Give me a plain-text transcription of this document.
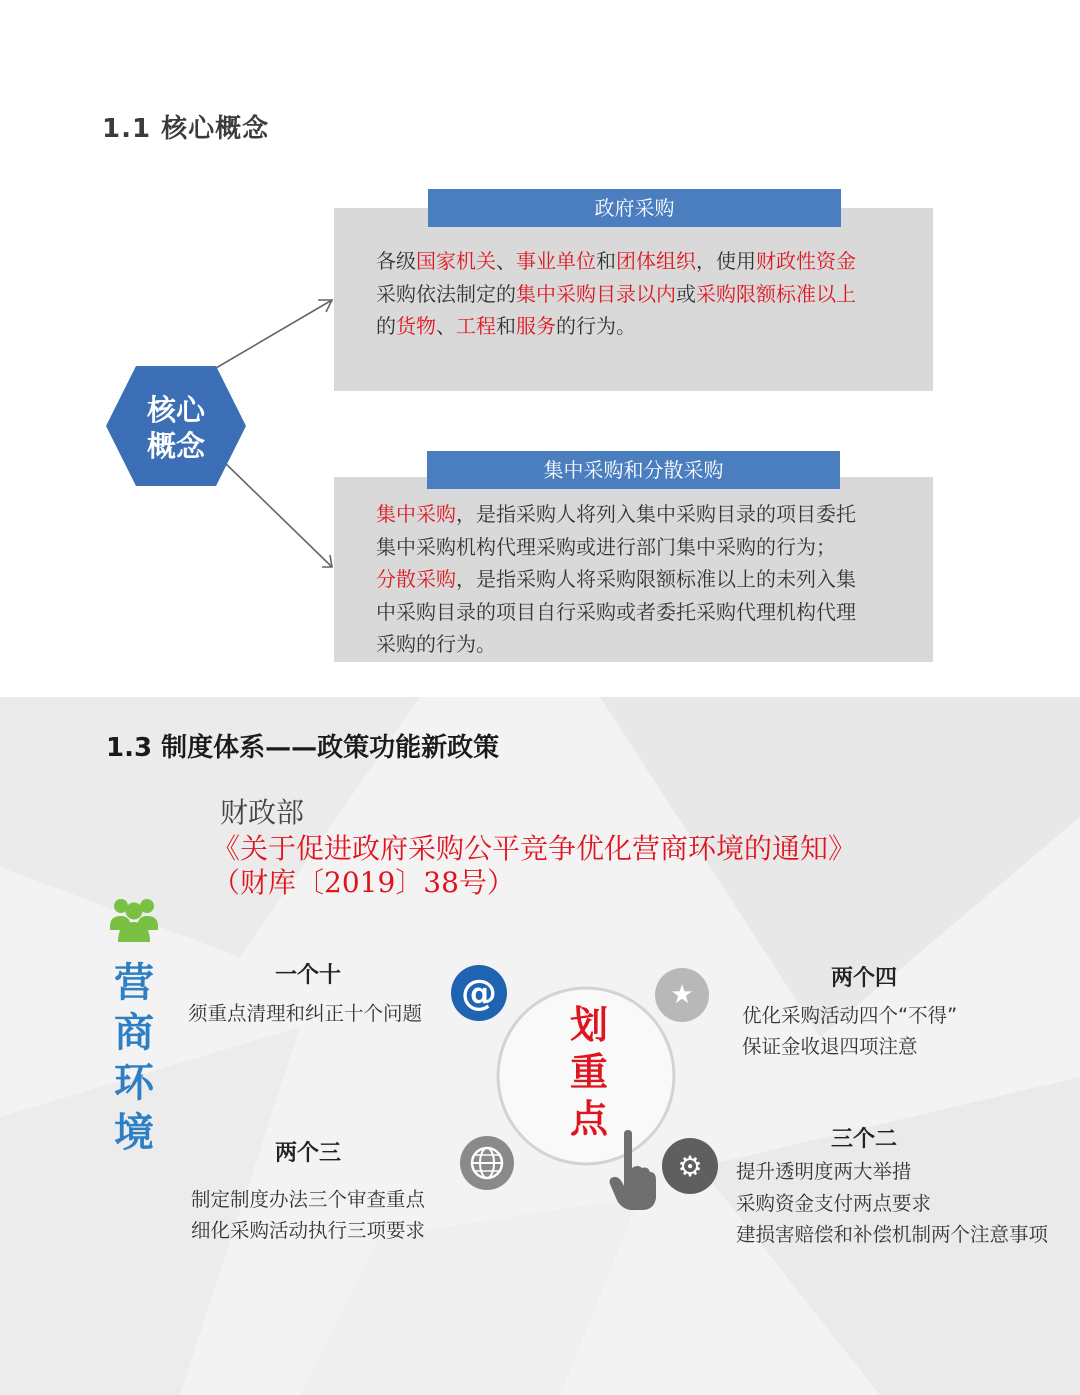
1.1 核心概念
核心
概念
政府采购
各级国家机关、事业单位和团体组织，使用财政性资金
采购依法制定的集中采购目录以内或采购限额标准以上
的货物、工程和服务的行为。
集中采购和分散采购
集中采购，是指采购人将列入集中采购目录的项目委托
集中采购机构代理采购或进行部门集中采购的行为；
分散采购，是指采购人将采购限额标准以上的未列入集
中采购目录的项目自行采购或者委托采购代理机构代理
采购的行为。
1.3 制度体系——政策功能新政策
财政部
《关于促进政府采购公平竞争优化营商环境的通知》
（财库〔2019〕38号）
营
商
环
境
一个十
须重点清理和纠正十个问题
两个四
优化采购活动四个“不得”
保证金收退四项注意
两个三
制定制度办法三个审查重点
细化采购活动执行三项要求
三个二
提升透明度两大举措
采购资金支付两点要求
建损害赔偿和补偿机制两个注意事项
划
重
点
@	★
⚙
